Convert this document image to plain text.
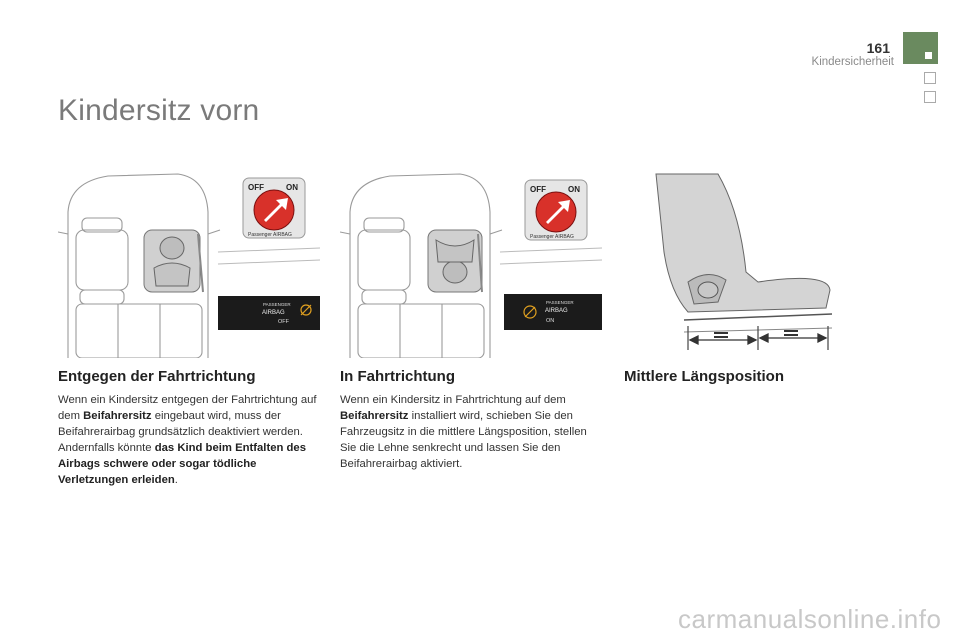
161
Kindersicherheit
Kindersitz vorn
OFF	ON
Passenger AIRBAG
PASSENGER
AIRBAG
OFF
OFF	ON
Passenger AIRBAG
PASSENGER
AIRBAG
ON
Entgegen der Fahrtrichtung

Wenn ein Kindersitz entgegen der Fahrtrichtung auf dem Beifahrersitz eingebaut wird, muss der Beifahrerairbag grundsätzlich deaktiviert werden. Andernfalls könnte das Kind beim Entfalten des Airbags schwere oder sogar tödliche Verletzungen erleiden.

In Fahrtrichtung

Wenn ein Kindersitz in Fahrtrichtung auf dem Beifahrersitz installiert wird, schieben Sie den Fahrzeugsitz in die mittlere Längsposition, stellen Sie die Lehne senkrecht und lassen Sie den Beifahrerairbag aktiviert.

Mittlere Längsposition
carmanualsonline.info
